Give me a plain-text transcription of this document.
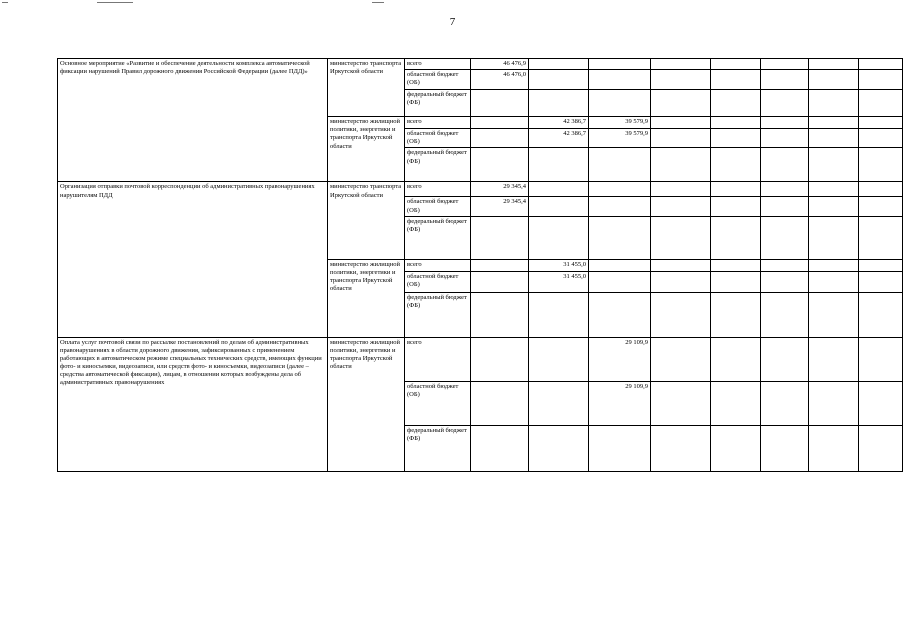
7
Основное мероприятие «Развитие и обеспечение деятельности комплекса автоматической фиксации нарушений Правил дорожного движения Российской Федерации (далее ПДД)»	министерство транспорта Иркутской области	всего	46 476,9							
		областной бюджет (ОБ)	46 476,0							
		федеральный бюджет (ФБ)								
	министерство жилищной политики, энергетики и транспорта Иркутской области	всего		42 386,7	39 579,9					
		областной бюджет (ОБ)		42 386,7	39 579,9					
		федеральный бюджет (ФБ)								
Организация отправки почтовой корреспонденции об административных правонарушениях нарушителям ПДД	министерство транспорта Иркутской области	всего	29 345,4							
		областной бюджет (ОБ)	29 345,4							
		федеральный бюджет (ФБ)								
	министерство жилищной политики, энергетики и транспорта Иркутской области	всего		31 455,0						
		областной бюджет (ОБ)		31 455,0						
		федеральный бюджет (ФБ)								
Оплата услуг почтовой связи по рассылке постановлений по делам об административных правонарушениях в области дорожного движения, зафиксированных с применением работающих в автоматическом режиме специальных технических средств, имеющих функции фото- и киносъемки, видеозаписи, или средств фото- и киносъемки, видеозаписи (далее – средства автоматической фиксации), лицам, в отношении которых возбуждены дела об административных правонарушениях	министерство жилищной политики, энергетики и транспорта Иркутской области	всего			29 109,9					
		областной бюджет (ОБ)			29 109,9					
		федеральный бюджет (ФБ)								
